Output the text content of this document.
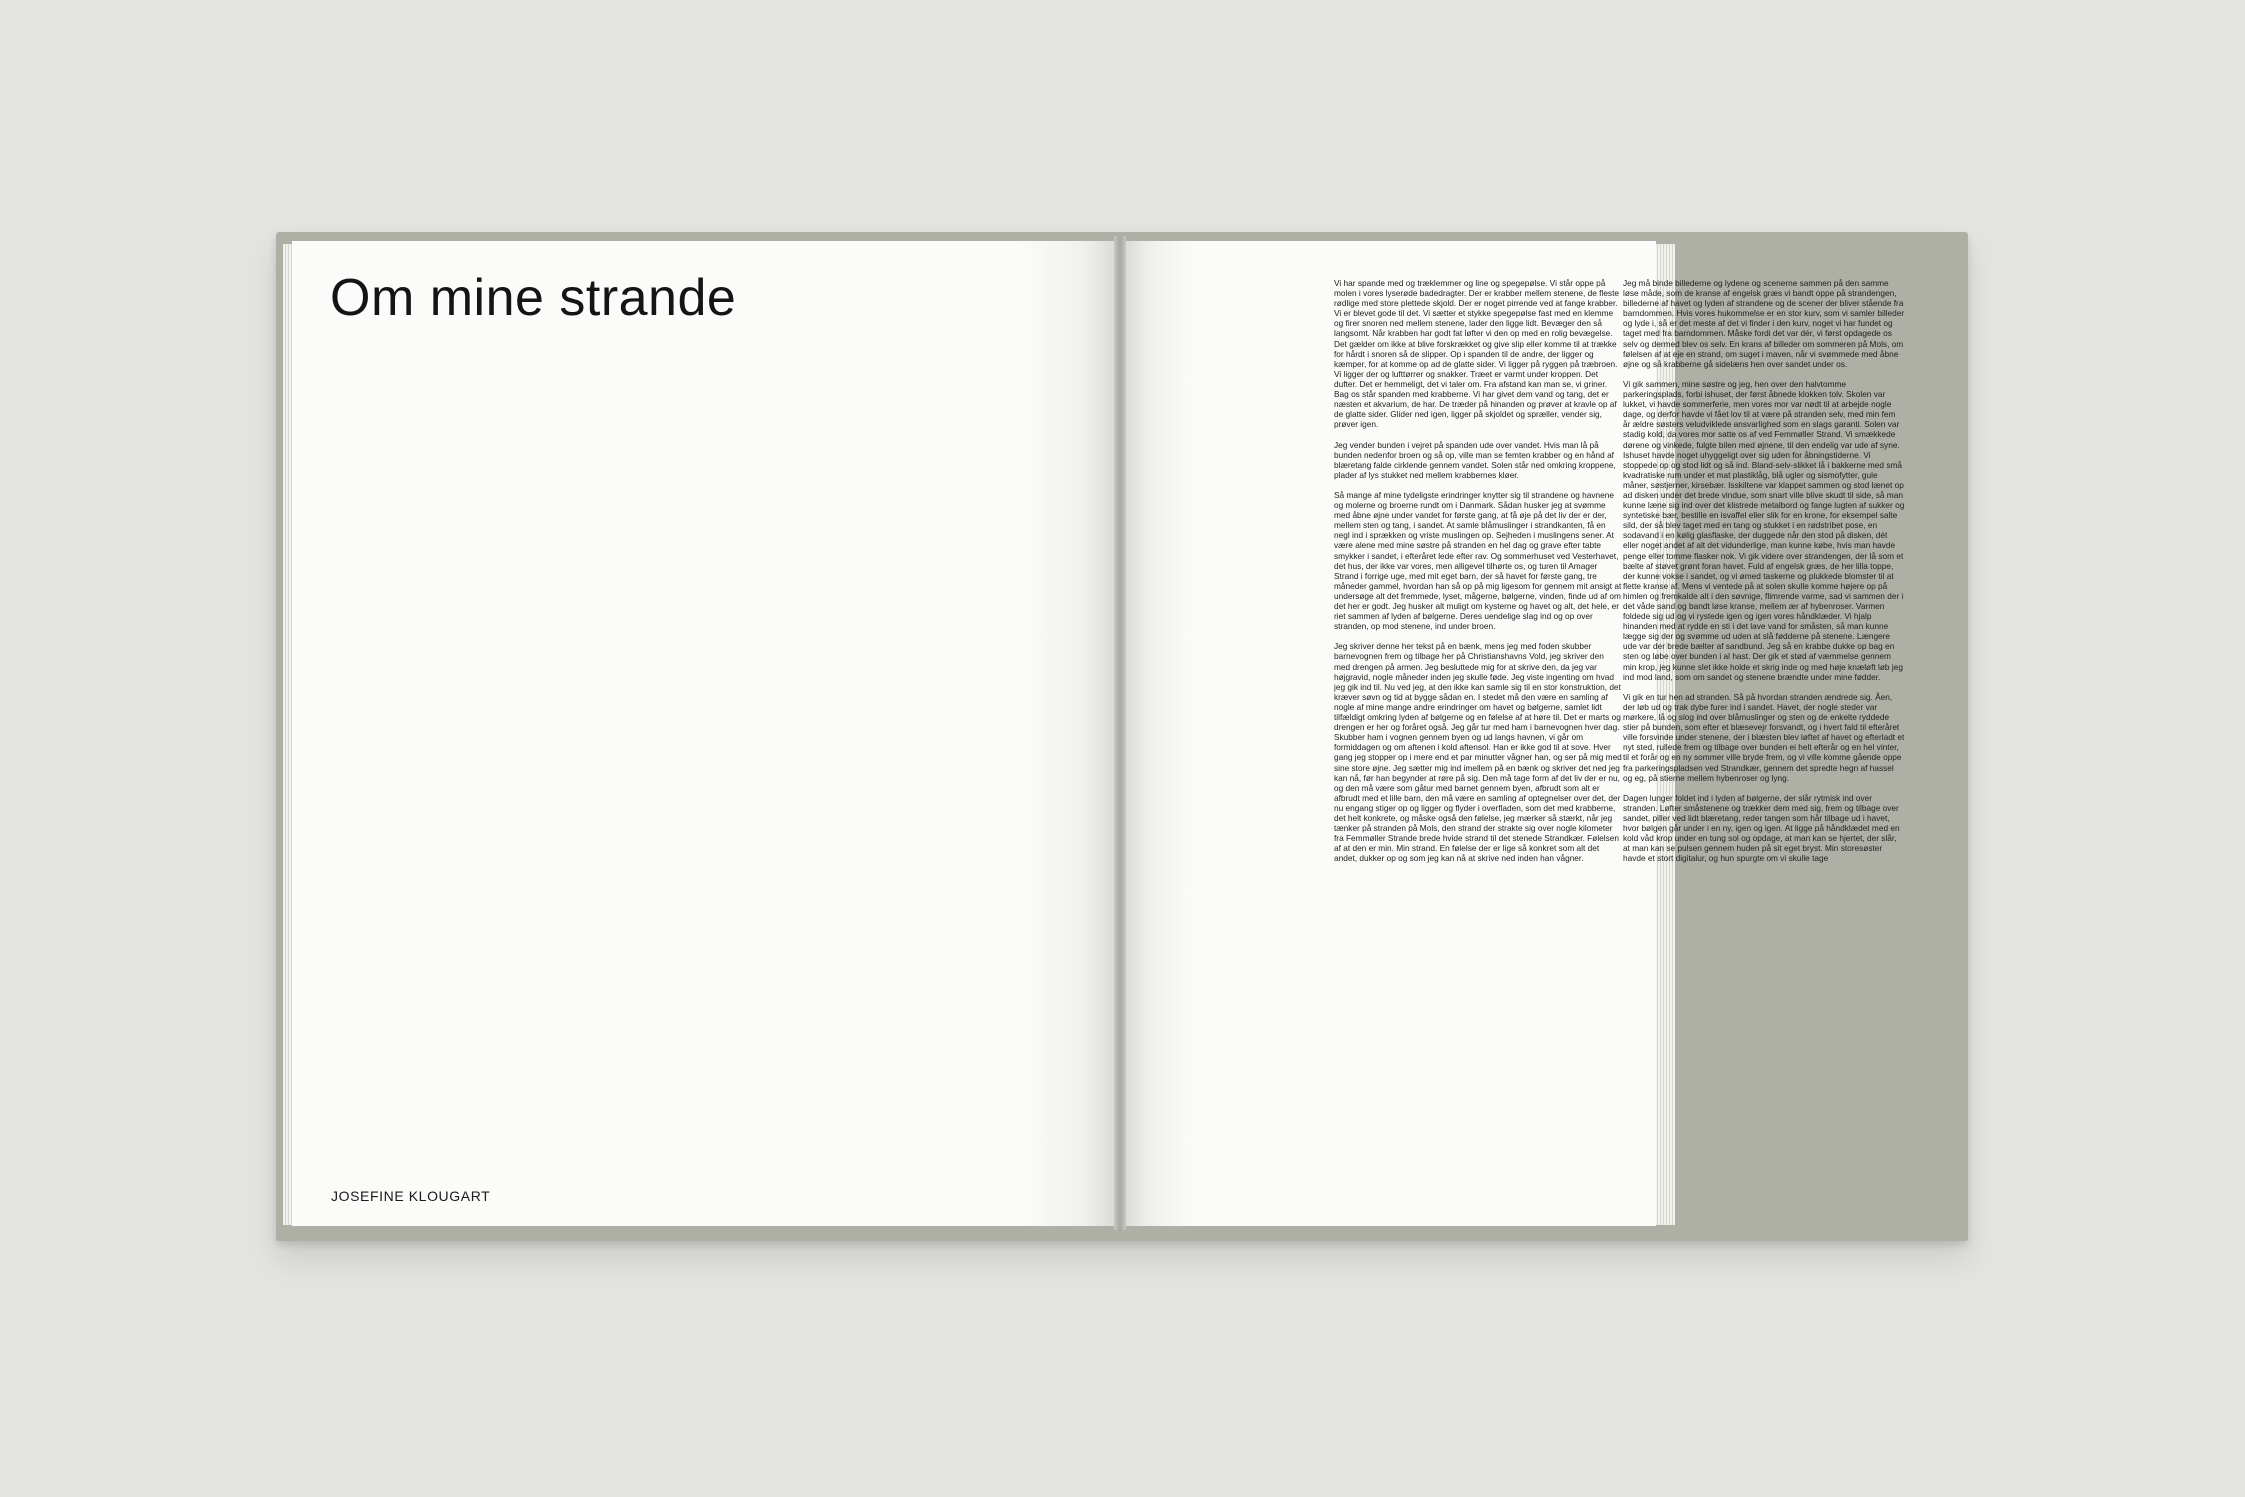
Om mine strande
JOSEFINE KLOUGART

Vi har spande med og træklemmer og line og spegepølse. Vi står oppe på molen i vores lyserøde badedragter. Der er krabber mellem stenene, de fleste rødlige med store plettede skjold. Der er noget pirrende ved at fange krabber. Vi er blevet gode til det. Vi sætter et stykke spegepølse fast med en klemme og firer snoren ned mellem stenene, lader den ligge lidt. Bevæger den så langsomt. Når krabben har godt fat løfter vi den op med en rolig bevægelse. Det gælder om ikke at blive forskrækket og give slip eller komme til at trække for hårdt i snoren så de slipper. Op i spanden til de andre, der ligger og kæmper, for at komme op ad de glatte sider. Vi ligger på ryggen på træbroen. Vi ligger der og lufttørrer og snakker. Træet er varmt under kroppen. Det dufter. Det er hemmeligt, det vi taler om. Fra afstand kan man se, vi griner. Bag os står spanden med krabberne. Vi har givet dem vand og tang, det er næsten et akvarium, de har. De træder på hinanden og prøver at kravle op af de glatte sider. Glider ned igen, ligger på skjoldet og spræller, vender sig, prøver igen.

Jeg vender bunden i vejret på spanden ude over vandet. Hvis man lå på bunden nedenfor broen og så op, ville man se femten krabber og en hånd af blæretang falde cirklende gennem vandet. Solen står ned omkring kroppene, plader af lys stukket ned mellem krabbernes kløer.

Så mange af mine tydeligste erindringer knytter sig til strandene og havnene og molerne og broerne rundt om i Danmark. Sådan husker jeg at svømme med åbne øjne under vandet for første gang, at få øje på det liv der er der, mellem sten og tang, i sandet. At samle blåmuslinger i strandkanten, få en negl ind i sprækken og vriste muslingen op. Sejheden i muslingens sener. At være alene med mine søstre på stranden en hel dag og grave efter tabte smykker i sandet, i efteråret lede efter rav. Og sommerhuset ved Vesterhavet, det hus, der ikke var vores, men alligevel tilhørte os, og turen til Amager Strand i forrige uge, med mit eget barn, der så havet for første gang, tre måneder gammel, hvordan han så op på mig ligesom for gennem mit ansigt at undersøge alt det fremmede, lyset, mågerne, bølgerne, vinden, finde ud af om det her er godt. Jeg husker alt muligt om kysterne og havet og alt, det hele, er riet sammen af lyden af bølgerne. Deres uendelige slag ind og op over stranden, op mod stenene, ind under broen.

Jeg skriver denne her tekst på en bænk, mens jeg med foden skubber barnevognen frem og tilbage her på Christianshavns Vold, jeg skriver den med drengen på armen. Jeg besluttede mig for at skrive den, da jeg var højgravid, nogle måneder inden jeg skulle føde. Jeg viste ingenting om hvad jeg gik ind til. Nu ved jeg, at den ikke kan samle sig til en stor konstruktion, det kræver søvn og tid at bygge sådan en. I stedet må den være en samling af nogle af mine mange andre erindringer om havet og bølgerne, samlet lidt tilfældigt omkring lyden af bølgerne og en følelse af at høre til. Det er marts og drengen er her og foråret også. Jeg går tur med ham i barnevognen hver dag. Skubber ham i vognen gennem byen og ud langs havnen, vi går om formiddagen og om aftenen i kold aftensol. Han er ikke god til at sove. Hver gang jeg stopper op i mere end et par minutter vågner han, og ser på mig med sine store øjne. Jeg sætter mig ind imellem på en bænk og skriver det ned jeg kan nå, før han begynder at røre på sig. Den må tage form af det liv der er nu, og den må være som gåtur med barnet gennem byen, afbrudt som alt er afbrudt med et lille barn, den må være en samling af optegnelser over det, der nu engang stiger op og ligger og flyder i overfladen, som det med krabberne, det helt konkrete, og måske også den følelse, jeg mærker så stærkt, når jeg tænker på stranden på Mols, den strand der strakte sig over nogle kilometer fra Femmøller Strande brede hvide strand til det stenede Strandkær. Følelsen af at den er min. Min strand. En følelse der er lige så konkret som alt det andet, dukker op og som jeg kan nå at skrive ned inden han vågner.

Jeg må binde billederne og lydene og scenerne sammen på den samme løse måde, som de kranse af engelsk græs vi bandt oppe på strandengen, billederne af havet og lyden af strandene og de scener der bliver stående fra barndommen. Hvis vores hukommelse er en stor kurv, som vi samler billeder og lyde i, så er det meste af det vi finder i den kurv, noget vi har fundet og taget med fra barndommen. Måske fordi det var dér, vi først opdagede os selv og dermed blev os selv. En krans af billeder om sommeren på Mols, om følelsen af at eje en strand, om suget i maven, når vi svømmede med åbne øjne og så krabberne gå sidelæns hen over sandet under os.

Vi gik sammen, mine søstre og jeg, hen over den halvtomme parkeringsplads, forbi ishuset, der først åbnede klokken tolv. Skolen var lukket, vi havde sommerferie, men vores mor var nødt til at arbejde nogle dage, og derfor havde vi fået lov til at være på stranden selv, med min fem år ældre søsters veludviklede ansvarlighed som en slags garanti. Solen var stadig kold, da vores mor satte os af ved Femmøller Strand. Vi smækkede dørene og vinkede, fulgte bilen med øjnene, til den endelig var ude af syne. Ishuset havde noget uhyggeligt over sig uden for åbningstiderne. Vi stoppede op og stod lidt og så ind. Bland-selv-slikket lå i bakkerne med små kvadratiske rum under et mat plastiklåg, blå ugler og sismofytter, gule måner, søstjerner, kirsebær. Isskiltene var klappet sammen og stod lænet op ad disken under det brede vindue, som snart ville blive skudt til side, så man kunne læne sig ind over det klistrede metalbord og fange lugten af sukker og syntetiske bær, bestille en isvaffel eller slik for en krone, for eksempel salte sild, der så blev taget med en tang og stukket i en rødstribet pose, en sodavand i en kølig glasflaske, der duggede når den stod på disken, dét eller noget andet af alt det vidunderlige, man kunne købe, hvis man havde penge eller tomme flasker nok. Vi gik videre over strandengen, der lå som et bælte af støvet grønt foran havet. Fuld af engelsk græs, de her lilla toppe, der kunne vokse i sandet, og vi ømed taskerne og plukkede blomster til at flette kranse af. Mens vi ventede på at solen skulle komme højere op på himlen og fremkalde alt i den søvnige, flimrende varme, sad vi sammen der i det våde sand og bandt løse kranse, mellem ær af hybenroser. Varmen foldede sig ud og vi rystede igen og igen vores håndklæder. Vi hjalp hinanden med at rydde en sti i det lave vand for småsten, så man kunne lægge sig der og svømme ud uden at slå fødderne på stenene. Længere ude var der brede bælter af sandbund. Jeg så en krabbe dukke op bag en sten og løbe over bunden i al hast. Der gik et stød af væmmelse gennem min krop, jeg kunne slet ikke holde et skrig inde og med høje knæløft løb jeg ind mod land, som om sandet og stenene brændte under mine fødder.

Vi gik en tur hen ad stranden. Så på hvordan stranden ændrede sig. Åen, der løb ud og trak dybe furer ind i sandet. Havet, der nogle steder var mørkere, lå og slog ind over blåmuslinger og sten og de enkelte ryddede stier på bunden, som efter et blæsevejr forsvandt, og i hvert fald til efteråret ville forsvinde under stenene, der i blæsten blev løftet af havet og efterladt et nyt sted, rullede frem og tilbage over bunden ei helt efterår og en hel vinter, til et forår og en ny sommer ville bryde frem, og vi ville komme gående oppe fra parkeringspladsen ved Strandkær, gennem det spredte hegn af hassel og eg, på stierne mellem hybenroser og lyng.

Dagen lunger foldet ind i lyden af bølgerne, der slår rytmisk ind over stranden. Løfter småstenene og trækker dem med sig, frem og tilbage over sandet, piller ved lidt blæretang, reder tangen som hår tilbage ud i havet, hvor bølgen går under i en ny, igen og igen. At ligge på håndklædet med en kold våd krop under en tung sol og opdage, at man kan se hjertet, der slår, at man kan se pulsen gennem huden på sit eget bryst. Min storesøster havde et stort digitalur, og hun spurgte om vi skulle tage
